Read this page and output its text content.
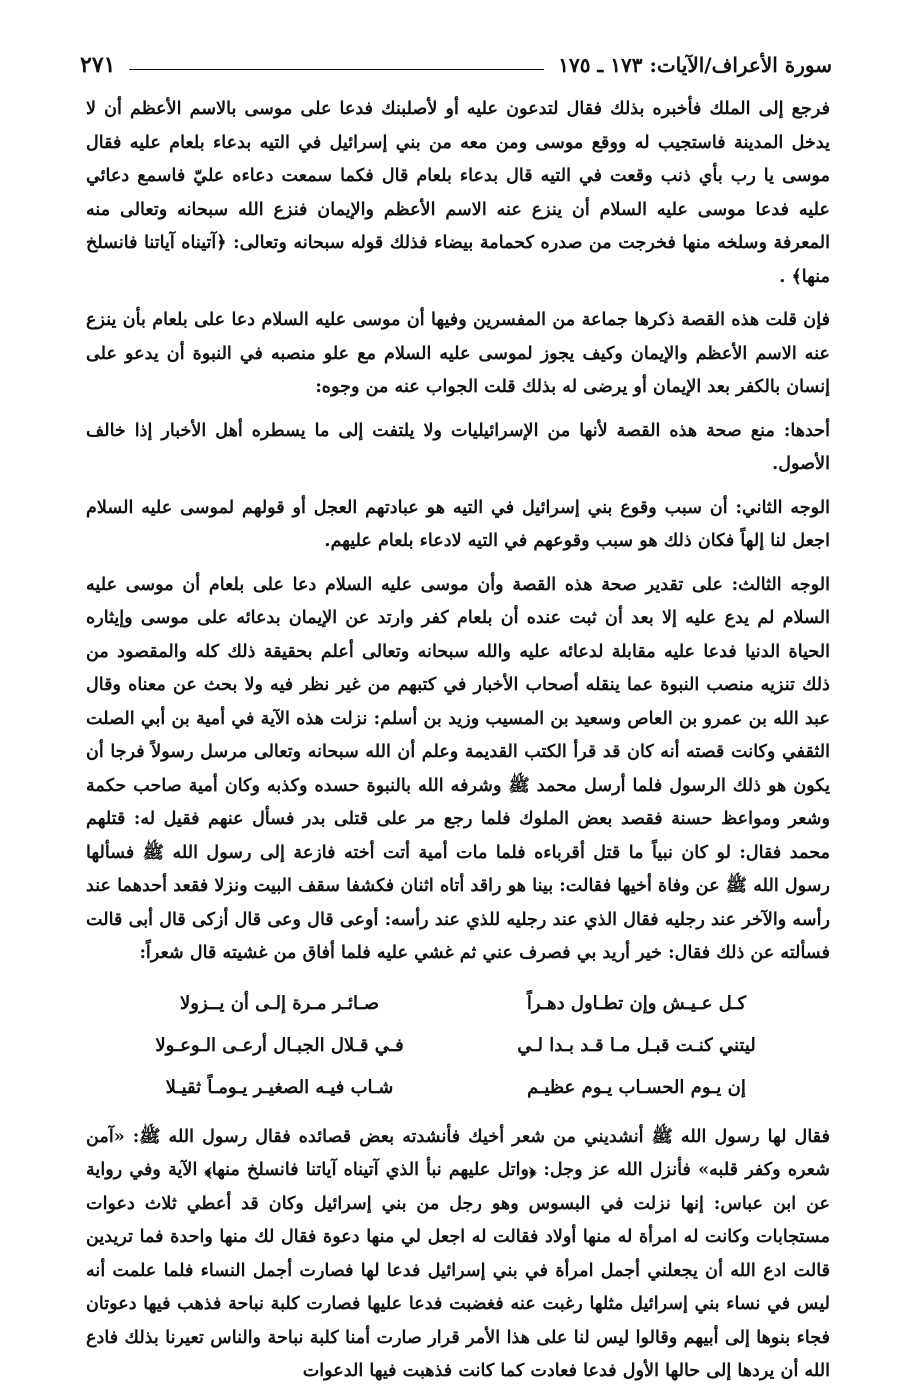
سورة الأعراف/الآيات: ١٧٣ ـ ١٧٥
٢٧١

فرجع إلى الملك فأخبره بذلك فقال لتدعون عليه أو لأصلبنك فدعا على موسى بالاسم الأعظم أن لا يدخل المدينة فاستجيب له ووقع موسى ومن معه من بني إسرائيل في التيه بدعاء بلعام عليه فقال موسى يا رب بأي ذنب وقعت في التيه قال بدعاء بلعام قال فكما سمعت دعاءه عليّ فاسمع دعائي عليه فدعا موسى عليه السلام أن ينزع عنه الاسم الأعظم والإيمان فنزع الله سبحانه وتعالى منه المعرفة وسلخه منها فخرجت من صدره كحمامة بيضاء فذلك قوله سبحانه وتعالى: ﴿آتيناه آياتنا فانسلخ منها﴾ .

فإن قلت هذه القصة ذكرها جماعة من المفسرين وفيها أن موسى عليه السلام دعا على بلعام بأن ينزع عنه الاسم الأعظم والإيمان وكيف يجوز لموسى عليه السلام مع علو منصبه في النبوة أن يدعو على إنسان بالكفر بعد الإيمان أو يرضى له بذلك قلت الجواب عنه من وجوه:

أحدها: منع صحة هذه القصة لأنها من الإسرائيليات ولا يلتفت إلى ما يسطره أهل الأخبار إذا خالف الأصول.

الوجه الثاني: أن سبب وقوع بني إسرائيل في التيه هو عبادتهم العجل أو قولهم لموسى عليه السلام اجعل لنا إلهاً فكان ذلك هو سبب وقوعهم في التيه لادعاء بلعام عليهم.

الوجه الثالث: على تقدير صحة هذه القصة وأن موسى عليه السلام دعا على بلعام أن موسى عليه السلام لم يدع عليه إلا بعد أن ثبت عنده أن بلعام كفر وارتد عن الإيمان بدعائه على موسى وإيثاره الحياة الدنيا فدعا عليه مقابلة لدعائه عليه والله سبحانه وتعالى أعلم بحقيقة ذلك كله والمقصود من ذلك تنزيه منصب النبوة عما ينقله أصحاب الأخبار في كتبهم من غير نظر فيه ولا بحث عن معناه وقال عبد الله بن عمرو بن العاص وسعيد بن المسيب وزيد بن أسلم: نزلت هذه الآية في أمية بن أبي الصلت الثقفي وكانت قصته أنه كان قد قرأ الكتب القديمة وعلم أن الله سبحانه وتعالى مرسل رسولاً فرجا أن يكون هو ذلك الرسول فلما أرسل محمد ﷺ وشرفه الله بالنبوة حسده وكذبه وكان أمية صاحب حكمة وشعر ومواعظ حسنة فقصد بعض الملوك فلما رجع مر على قتلى بدر فسأل عنهم فقيل له: قتلهم محمد فقال: لو كان نبياً ما قتل أقرباءه فلما مات أمية أتت أخته فازعة إلى رسول الله ﷺ فسألها رسول الله ﷺ عن وفاة أخيها فقالت: بينا هو راقد أتاه اثنان فكشفا سقف البيت ونزلا فقعد أحدهما عند رأسه والآخر عند رجليه فقال الذي عند رجليه للذي عند رأسه: أوعى قال وعى قال أزكى قال أبى قالت فسألته عن ذلك فقال: خير أريد بي فصرف عني ثم غشي عليه فلما أفاق من غشيته قال شعراً:

كـل عـيـش وإن تطـاول دهـراً
صـائـر مـرة إلـى أن يــزولا
ليتني كنـت قبـل مـا قـد بـدا لـي
فـي قـلال الجبـال أرعـى الـوعـولا
إن يـوم الحسـاب يـوم عظيـم
شـاب فيـه الصغيـر يـومـاً ثقيـلا

فقال لها رسول الله ﷺ أنشديني من شعر أخيك فأنشدته بعض قصائده فقال رسول الله ﷺ: «آمن شعره وكفر قلبه» فأنزل الله عز وجل: ﴿واتل عليهم نبأ الذي آتيناه آياتنا فانسلخ منها﴾ الآية وفي رواية عن ابن عباس: إنها نزلت في البسوس وهو رجل من بني إسرائيل وكان قد أعطي ثلاث دعوات مستجابات وكانت له امرأة له منها أولاد فقالت له اجعل لي منها دعوة فقال لك منها واحدة فما تريدين قالت ادع الله أن يجعلني أجمل امرأة في بني إسرائيل فدعا لها فصارت أجمل النساء فلما علمت أنه ليس في نساء بني إسرائيل مثلها رغبت عنه فغضبت فدعا عليها فصارت كلبة نباحة فذهب فيها دعوتان فجاء بنوها إلى أبيهم وقالوا ليس لنا على هذا الأمر قرار صارت أمنا كلبة نباحة والناس تعيرنا بذلك فادع الله أن يردها إلى حالها الأول فدعا فعادت كما كانت فذهبت فيها الدعوات
